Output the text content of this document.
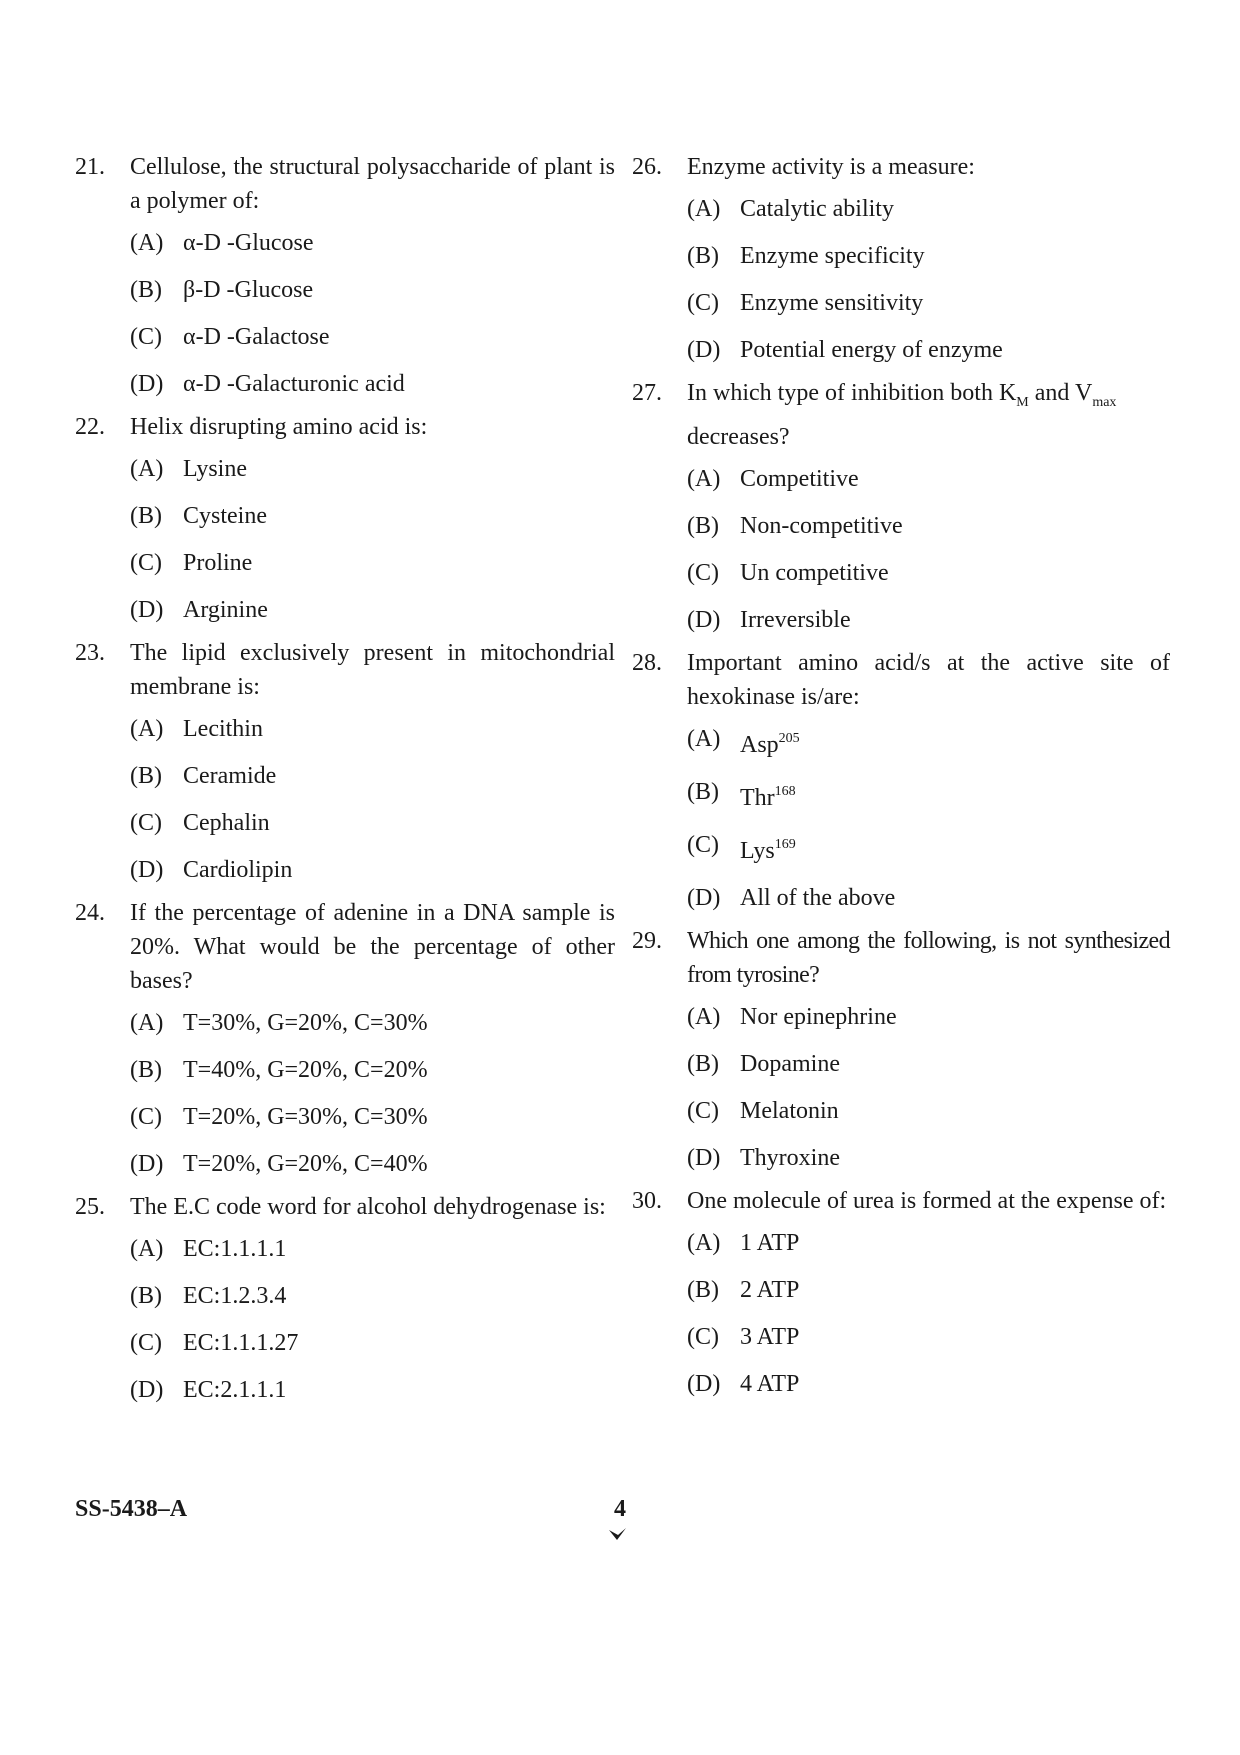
21. Cellulose, the structural polysaccharide of plant is a polymer of:

(A) α-D -Glucose
(B) β-D -Glucose
(C) α-D -Galactose
(D) α-D -Galacturonic acid
22. Helix disrupting amino acid is:

(A) Lysine
(B) Cysteine
(C) Proline
(D) Arginine
23. The lipid exclusively present in mitochondrial membrane is:

(A) Lecithin
(B) Ceramide
(C) Cephalin
(D) Cardiolipin
24. If the percentage of adenine in a DNA sample is 20%. What would be the percentage of other bases?

(A) T=30%, G=20%, C=30%
(B) T=40%, G=20%, C=20%
(C) T=20%, G=30%, C=30%
(D) T=20%, G=20%, C=40%
25. The E.C code word for alcohol dehydrogenase is:

(A) EC:1.1.1.1
(B) EC:1.2.3.4
(C) EC:1.1.1.27
(D) EC:2.1.1.1
26. Enzyme activity is a measure:

(A) Catalytic ability
(B) Enzyme specificity
(C) Enzyme sensitivity
(D) Potential energy of enzyme
27. In which type of inhibition both $K_M$ and $V_{max}$
decreases?

(A) Competitive
(B) Non-competitive
(C) Un competitive
(D) Irreversible
28. Important amino acid/s at the active site of hexokinase is/are:

(A) Asp$^{205}$
(B) Thr$^{168}$
(C) Lys$^{169}$
(D) All of the above
29. Which one among the following, is not synthesized from tyrosine?

(A) Nor epinephrine
(B) Dopamine
(C) Melatonin
(D) Thyroxine
30. One molecule of urea is formed at the expense of:

(A) 1 ATP
(B) 2 ATP
(C) 3 ATP
(D) 4 ATP
SS-5438–A	4
